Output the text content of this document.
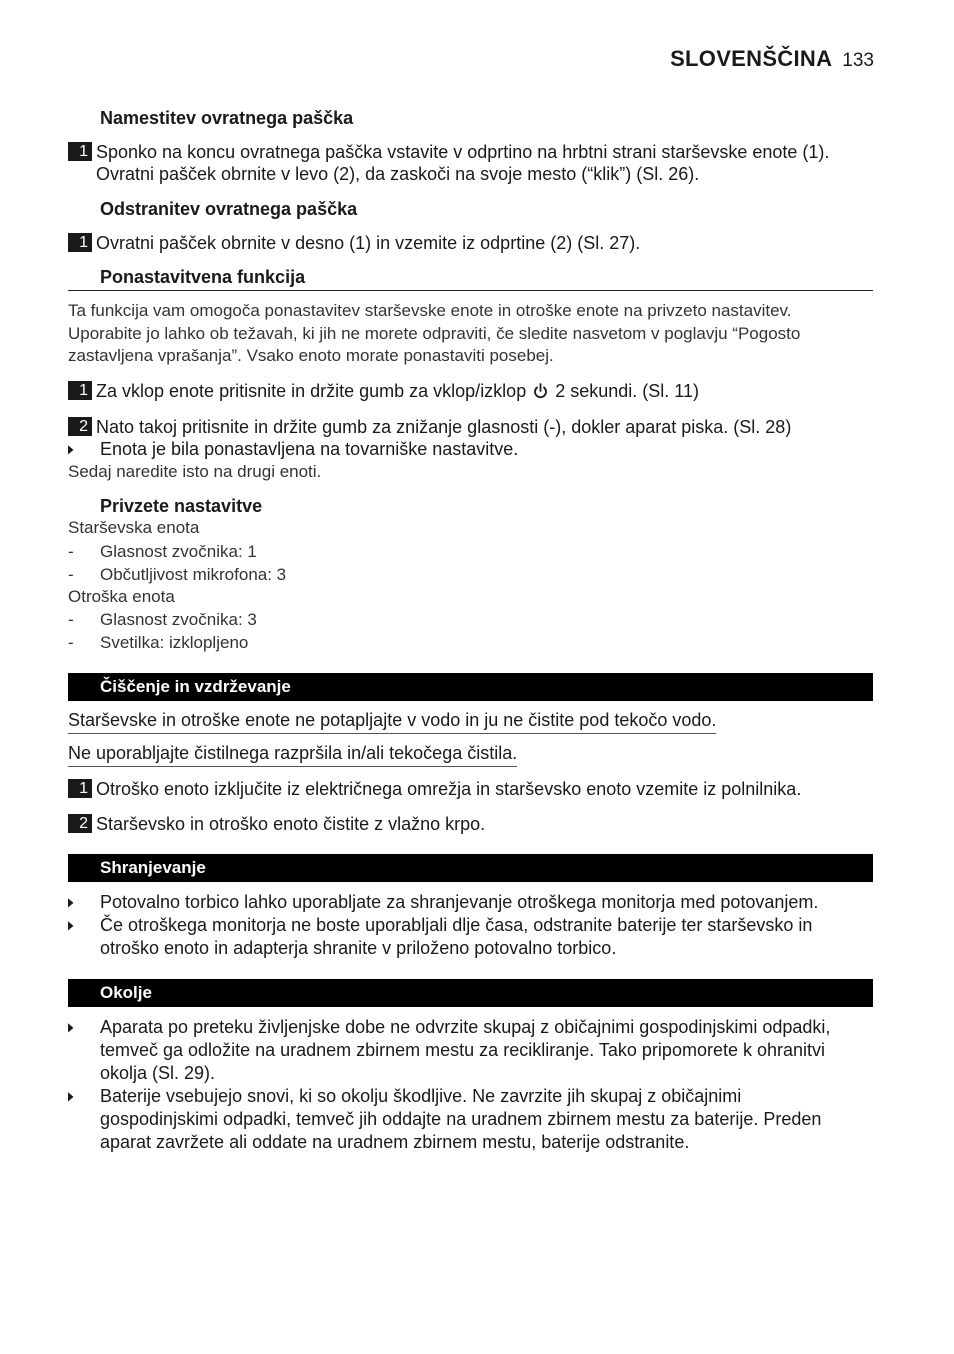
SLOVENŠČINA 133
Namestitev ovratnega paščka
1 Sponko na koncu ovratnega paščka vstavite v odprtino na hrbtni strani starševske enote (1).
Ovratni pašček obrnite v levo (2), da zaskoči na svoje mesto (“klik”) (Sl. 26).
Odstranitev ovratnega paščka
1 Ovratni pašček obrnite v desno (1) in vzemite iz odprtine (2) (Sl. 27).
Ponastavitvena funkcija
Ta funkcija vam omogoča ponastavitev starševske enote in otroške enote na privzeto nastavitev.
Uporabite jo lahko ob težavah, ki jih ne morete odpraviti, če sledite nasvetom v poglavju “Pogosto
zastavljena vprašanja”. Vsako enoto morate ponastaviti posebej.
1 Za vklop enote pritisnite in držite gumb za vklop/izklop 2 sekundi. (Sl. 11)
2 Nato takoj pritisnite in držite gumb za znižanje glasnosti (-), dokler aparat piska. (Sl. 28)
▶	Enota je bila ponastavljena na tovarniške nastavitve.
Sedaj naredite isto na drugi enoti.
Privzete nastavitve
Starševska enota
-	Glasnost zvočnika: 1
-	Občutljivost mikrofona: 3
Otroška enota
-	Glasnost zvočnika: 3
-	Svetilka: izklopljeno
Čiščenje in vzdrževanje
Starševske in otroške enote ne potapljajte v vodo in ju ne čistite pod tekočo vodo.
Ne uporabljajte čistilnega razpršila in/ali tekočega čistila.
1 Otroško enoto izključite iz električnega omrežja in starševsko enoto vzemite iz polnilnika.
2 Starševsko in otroško enoto čistite z vlažno krpo.
Shranjevanje
▶	Potovalno torbico lahko uporabljate za shranjevanje otroškega monitorja med potovanjem.
▶	Če otroškega monitorja ne boste uporabljali dlje časa, odstranite baterije ter starševsko in
otroško enoto in adapterja shranite v priloženo potovalno torbico.
Okolje
▶	Aparata po preteku življenjske dobe ne odvrzite skupaj z običajnimi gospodinjskimi odpadki,
temveč ga odložite na uradnem zbirnem mestu za recikliranje. Tako pripomorete k ohranitvi
okolja (Sl. 29).
▶	Baterije vsebujejo snovi, ki so okolju škodljive. Ne zavrzite jih skupaj z običajnimi
gospodinjskimi odpadki, temveč jih oddajte na uradnem zbirnem mestu za baterije. Preden
aparat zavržete ali oddate na uradnem zbirnem mestu, baterije odstranite.
